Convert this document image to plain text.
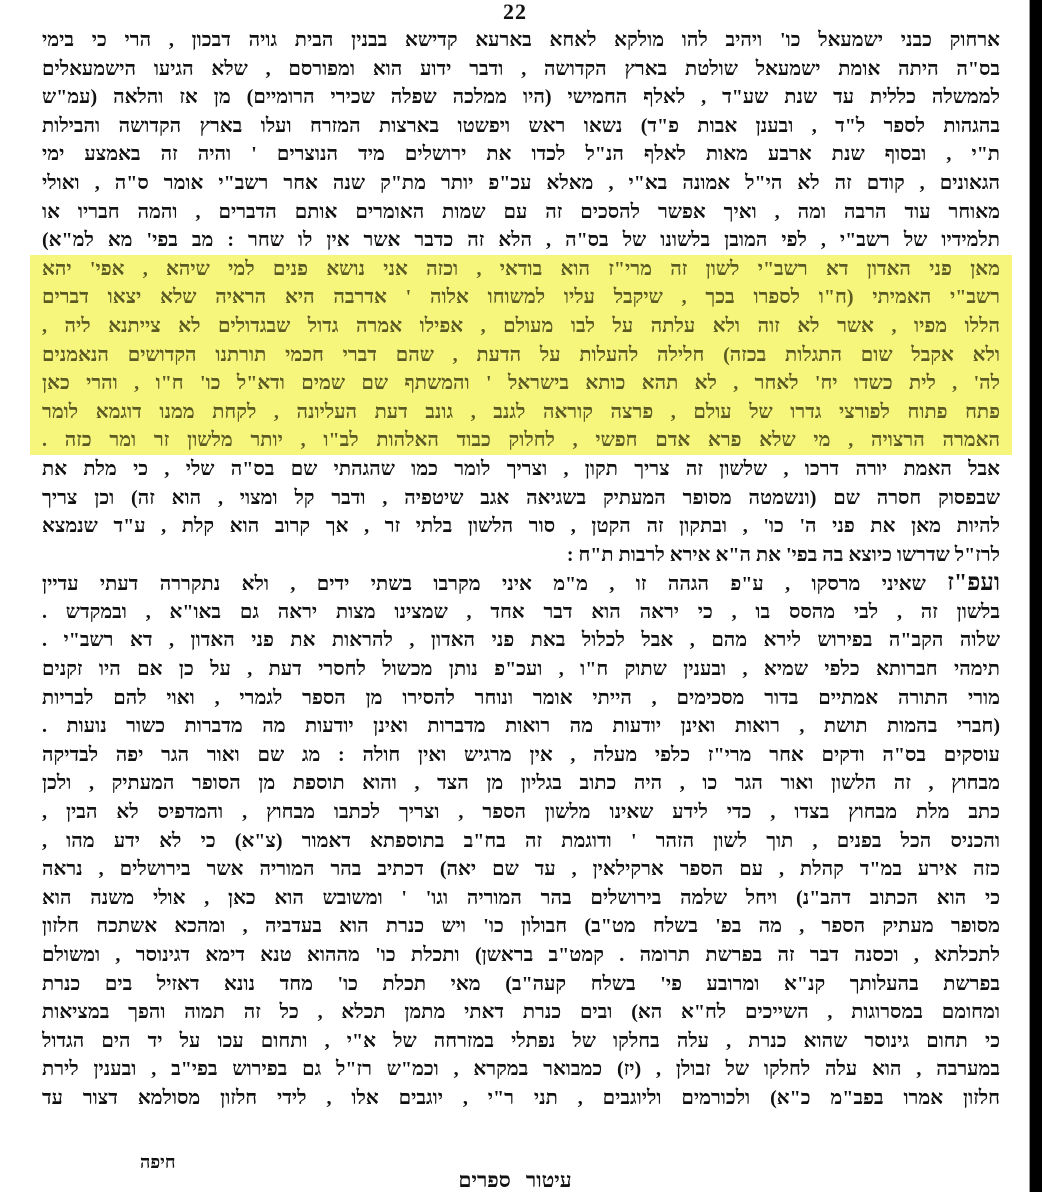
22
ארחוק כבני ישמעאל כו' ויהיב להו מולקא לאחא בארעא קדישא בבנין הבית גויה דבכון , הרי כי בימי
בס"ה היתה אומת ישמעאל שולטת בארץ הקדושה , ודבר ידוע הוא ומפורסם , שלא הגיעו הישמעאלים
לממשלה כללית עד שנת שע"ד , לאלף החמישי (היו ממלכה שפלה שכירי הרומיים) מן אז והלאה (עמ"ש
בהגהות לספר ל"ד , ובענן אבות פ"ד) נשאו ראש ויפשטו בארצות המזרח ועלו בארץ הקדושה והבילות
ת"י , ובסוף שנת ארבע מאות לאלף הנ"ל לכדו את ירושלים מיד הנוצרים ' והיה זה באמצע ימי
הגאונים , קודם זה לא הי"ל אמונה בא"י , מאלא עכ"פ יותר מת"ק שנה אחר רשב"י אומר ס"ה , ואולי
מאוחר עוד הרבה ומה , ואיך אפשר להסכים זה עם שמות האומרים אותם הדברים , והמה חבריו או
תלמידיו של רשב"י , לפי המובן בלשונו של בס"ה , הלא זה כדבר אשר אין לו שחר : מב בפי' מא למ"א)
מאן פני האדון דא רשב"י לשון זה מרי"ז הוא בודאי , וכזה אני נושא פנים למי שיהא , אפי' יהא
רשב"י האמיתי (ח"ו לספרו בכך , שיקבל עליו למשוחו אלוה ' אדרבה היא הראיה שלא יצאו דברים
הללו מפיו , אשר לא זוה ולא עלתה על לבו מעולם , אפילו אמרה גדול שבגדולים לא צייתנא ליה ,
ולא אקבל שום התגלות בכזה) חלילה להעלות על הדעת , שהם דברי חכמי תורתנו הקדושים הנאמנים
לה' , לית כשדו יח' לאחר , לא תהא כותא בישראל ' והמשתף שם שמים ודא"ל כו' ח"ו , והרי כאן
פתח פתוח לפורצי גדרו של עולם , פרצה קוראה לגנב , גונב דעת העליונה , לקחת ממנו דוגמא לומר
האמרה הרצויה , מי שלא פרא אדם חפשי , לחלוק כבוד האלהות לב"ו , יותר מלשון זר ומר כזה .
אבל האמת יורה דרכו , שלשון זה צריך תקון , וצריך לומר כמו שהגהתי שם בס"ה שלי , כי מלת את
שבפסוק חסרה שם (ונשמטה מסופר המעתיק בשגיאה אגב שיטפיה , ודבר קל ומצוי , הוא זה) וכן צריך
להיות מאן את פני ה' כו' , ובתקון זה הקטן , סור הלשון בלתי זר , אך קרוב הוא קלת , ע"ד שנמצא
לרז"ל שדרשו כיוצא בה בפי' את ה"א אירא לרבות ת"ח :
ועפ"ז שאיני מרסקו , ע"פ הגהה זו , מ"מ איני מקרבו בשתי ידים , ולא נתקררה דעתי עדיין
בלשון זה , לבי מהסס בו , כי יראה הוא דבר אחד , שמצינו מצות יראה גם באו"א , ובמקדש .
שלוה הקב"ה בפירוש לירא מהם , אבל לכלול באת פני האדון , להראות את פני האדון , דא רשב"י .
תימהי חברותא כלפי שמיא , ובענין שתוק ח"ו , ועכ"פ נותן מכשול לחסרי דעת , על כן אם היו זקנים
מורי התורה אמתיים בדור מסכימים , הייתי אומר ונוחר להסירו מן הספר לגמרי , ואוי להם לבריות
(חברי בהמות תושת , רואות ואינן יודעות מה רואות מדברות ואינן יודעות מה מדברות כשור נועות .
עוסקים בס"ה ודקים אחר מרי"ז כלפי מעלה , אין מרגיש ואין חולה : מג שם ואור הגר יפה לבדיקה
מבחוץ , זה הלשון ואור הגר כו , היה כתוב בגליון מן הצד , והוא תוספת מן הסופר המעתיק , ולכן
כתב מלת מבחוץ בצדו , כדי לידע שאינו מלשון הספר , וצריך לכתבו מבחוץ , והמדפיס לא הבין ,
והכניס הכל בפנים , תוך לשון הזהר ' ודוגמת זה בח"ב בתוספתא דאמור (צ"א) כי לא ידע מהו ,
כזה אירע במ"ד קהלת , עם הספר ארקילאין , עד שם יאה) דכתיב בהר המוריה אשר בירושלים , נראה
כי הוא הכתוב דהב"נ) ויחל שלמה בירושלים בהר המוריה וגו' ' ומשובש הוא כאן , אולי משנה הוא
מסופר מעתיק הספר , מה בפ' בשלח מט"ב) חבולון כו' ויש כנרת הוא בעדביה , ומהכא אשתכח חלזון
לתכלתא , וכסנה דבר זה בפרשת תרומה . קמט"ב בראשן) ותכלת כו' מההוא טנא דימא דגינוסר , ומשולם
בפרשת בהעלותך קנ"א ומרובע פי' בשלח קעה"ב) מאי תכלת כו' מחד נונא דאזיל בים כנרת
ומחומם במסרוגות , השייכים לח"א הא) ובים כנרת דאתי מתמן תכלא , כל זה תמוה והפך במציאות
כי תחום גינוסר שהוא כנרת , עלה בחלקו של נפתלי במזרחה של א"י , ותחום עכו על יד הים הגדול
במערבה , הוא עלה לחלקו של זבולן , (יז) כמבואר במקרא , וכמ"ש רז"ל גם בפירוש בפי"ב , ובענין לירת
חלזון אמרו בפב"מ כ"א) ולכורמים וליוגבים , תני ר"י , יוגבים אלו , לידי חלזון מסולמא דצור עד
חיפה
עיטור ספרים
